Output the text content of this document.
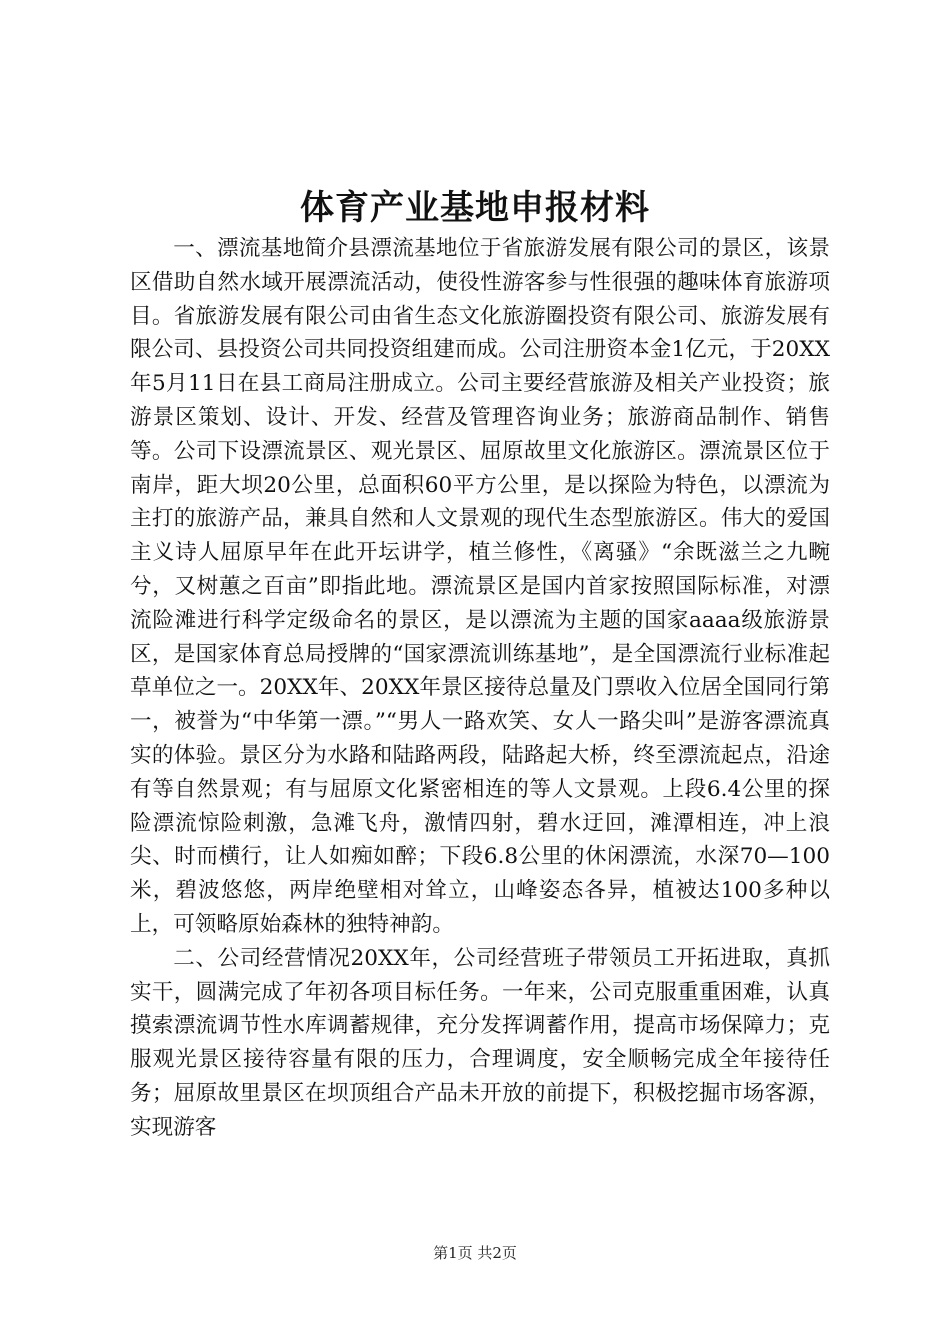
体育产业基地申报材料

一、漂流基地简介县漂流基地位于省旅游发展有限公司的景区，该景区借助自然水域开展漂流活动，使役性游客参与性很强的趣味体育旅游项目。省旅游发展有限公司由省生态文化旅游圈投资有限公司、旅游发展有限公司、县投资公司共同投资组建而成。公司注册资本金1亿元，于20XX年5月11日在县工商局注册成立。公司主要经营旅游及相关产业投资；旅游景区策划、设计、开发、经营及管理咨询业务；旅游商品制作、销售等。公司下设漂流景区、观光景区、屈原故里文化旅游区。漂流景区位于南岸，距大坝20公里，总面积60平方公里，是以探险为特色，以漂流为主打的旅游产品，兼具自然和人文景观的现代生态型旅游区。伟大的爱国主义诗人屈原早年在此开坛讲学，植兰修性，《离骚》“余既滋兰之九畹兮，又树蕙之百亩”即指此地。漂流景区是国内首家按照国际标准，对漂流险滩进行科学定级命名的景区，是以漂流为主题的国家aaaa级旅游景区，是国家体育总局授牌的“国家漂流训练基地”，是全国漂流行业标准起草单位之一。20XX年、20XX年景区接待总量及门票收入位居全国同行第一，被誉为“中华第一漂。”“男人一路欢笑、女人一路尖叫”是游客漂流真实的体验。景区分为水路和陆路两段，陆路起大桥，终至漂流起点，沿途有等自然景观；有与屈原文化紧密相连的等人文景观。上段6.4公里的探险漂流惊险刺激，急滩飞舟，激情四射，碧水迂回，滩潭相连，冲上浪尖、时而横行，让人如痴如醉；下段6.8公里的休闲漂流，水深70—100米，碧波悠悠，两岸绝壁相对耸立，山峰姿态各异，植被达100多种以上，可领略原始森林的独特神韵。

二、公司经营情况20XX年，公司经营班子带领员工开拓进取，真抓实干，圆满完成了年初各项目标任务。一年来，公司克服重重困难，认真摸索漂流调节性水库调蓄规律，充分发挥调蓄作用，提高市场保障力；克服观光景区接待容量有限的压力，合理调度，安全顺畅完成全年接待任务；屈原故里景区在坝顶组合产品未开放的前提下，积极挖掘市场客源，实现游客

第1页 共2页
